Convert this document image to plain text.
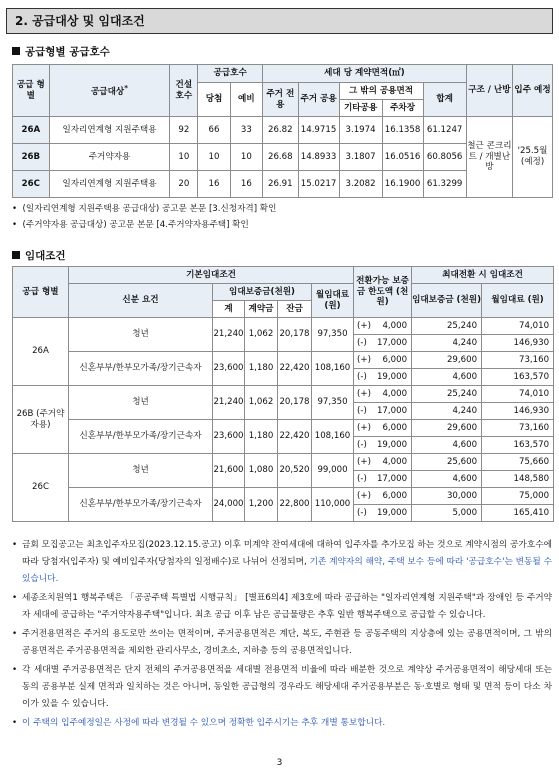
2. 공급대상 및 임대조건
공급형별 공급호수
공급 형별	공급대상*	건설 호수	공급호수		세대 당 계약면적(㎡)					구조 / 난방	입주 예정
			당첨	예비	주거 전용	주거 공용	그 밖의 공용면적		합계		
							기타공용	주차장			
26A	일자리연계형 지원주택용	92	66	33	26.82	14.9715	3.1974	16.1358	61.1247	철근 콘크리트 / 개별난방	'25.5월 (예정)
26B	주거약자용	10	10	10	26.68	14.8933	3.1807	16.0516	60.8056		
26C	일자리연계형 지원주택용	20	16	16	26.91	15.0217	3.2082	16.1900	61.3299		
•  (일자리연계형 지원주택용 공급대상) 공고문 본문 [3.신청자격] 확인
•  (주거약자용 공급대상) 공고문 본문 [4.주거약자용주택] 확인
임대조건
공급 형별	기본임대조건					전환가능 보증금 한도액 (천원)		최대전환 시 임대조건	
	신분 요건	임대보증금(천원)			월임대료 (원)			임대보증금 (천원)	월임대료 (원)
		계	계약금	잔금					
26A	청년	21,240	1,062	20,178	97,350	(+)	4,000	25,240	74,010
						(-)	17,000	4,240	146,930
	신혼부부/한부모가족/장기근속자	23,600	1,180	22,420	108,160	(+)	6,000	29,600	73,160
						(-)	19,000	4,600	163,570
26B (주거약자용)	청년	21,240	1,062	20,178	97,350	(+)	4,000	25,240	74,010
						(-)	17,000	4,240	146,930
	신혼부부/한부모가족/장기근속자	23,600	1,180	22,420	108,160	(+)	6,000	29,600	73,160
						(-)	19,000	4,600	163,570
26C	청년	21,600	1,080	20,520	99,000	(+)	4,000	25,600	75,660
						(-)	17,000	4,600	148,580
	신혼부부/한부모가족/장기근속자	24,000	1,200	22,800	110,000	(+)	6,000	30,000	75,000
						(-)	19,000	5,000	165,410
• 금회 모집공고는 최초입주자모집(2023.12.15.공고) 이후 미계약 잔여세대에 대하여 입주자를 추가모집 하는 것으로 계약시점의 공가호수에 따라 당첨자(입주자) 및 예비입주자(당첨자의 일정배수)로 나뉘어 선정되며, 기존 계약자의 해약, 주택 보수 등에 따라 '공급호수'는 변동될 수 있습니다.
• 세종조치원역1 행복주택은 「공공주택 특별법 시행규칙」 [별표6의4] 제3호에 따라 공급하는 "일자리연계형 지원주택"과 장애인 등 주거약자 세대에 공급하는 "주거약자용주택"입니다. 최초 공급 이후 남은 공급물량은 추후 일반 행복주택으로 공급할 수 있습니다.
• 주거전용면적은 주거의 용도로만 쓰이는 면적이며, 주거공용면적은 계단, 복도, 주현관 등 공동주택의 지상층에 있는 공용면적이며, 그 밖의 공용면적은 주거공용면적을 제외한 관리사무소, 경비초소, 지하층 등의 공용면적입니다.
• 각 세대별 주거공용면적은 단지 전체의 주거공용면적을 세대별 전용면적 비율에 따라 배분한 것으로 계약상 주거공용면적이 해당세대 또는 동의 공용부분 실제 면적과 일치하는 것은 아니며, 동일한 공급형의 경우라도 해당세대 주거공용부분은 동·호별로 형태 및 면적 등이 다소 차이가 있을 수 있습니다.
• 이 주택의 입주예정일은 사정에 따라 변경될 수 있으며 정확한 입주시기는 추후 개별 통보합니다.
3
